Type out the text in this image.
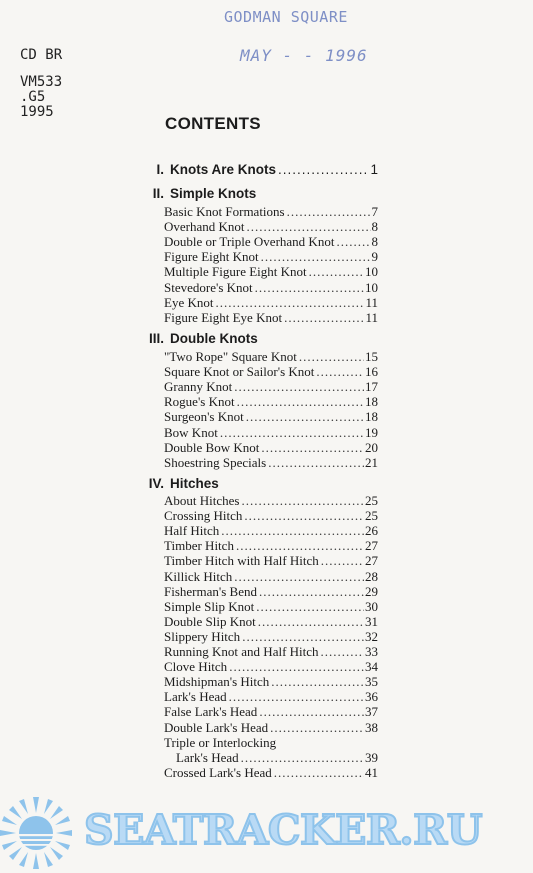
GODMAN SQUARE
MAY - - 1996
CD BR
VM533
.G5
1995
CONTENTS
I. Knots Are Knots .....	1
II. Simple Knots
Basic Knot Formations .....	7
Overhand Knot .....	8
Double or Triple Overhand Knot .....	8
Figure Eight Knot .....	9
Multiple Figure Eight Knot .....	10
Stevedore's Knot .....	10
Eye Knot .....	11
Figure Eight Eye Knot .....	11
III. Double Knots
"Two Rope" Square Knot .....	15
Square Knot or Sailor's Knot .....	16
Granny Knot .....	17
Rogue's Knot .....	18
Surgeon's Knot .....	18
Bow Knot .....	19
Double Bow Knot .....	20
Shoestring Specials .....	21
IV. Hitches
About Hitches .....	25
Crossing Hitch .....	25
Half Hitch .....	26
Timber Hitch .....	27
Timber Hitch with Half Hitch .....	27
Killick Hitch .....	28
Fisherman's Bend .....	29
Simple Slip Knot .....	30
Double Slip Knot .....	31
Slippery Hitch .....	32
Running Knot and Half Hitch .....	33
Clove Hitch .....	34
Midshipman's Hitch .....	35
Lark's Head .....	36
False Lark's Head .....	37
Double Lark's Head .....	38
Triple or Interlocking
Lark's Head .....	39
Crossed Lark's Head .....	41
SEATRACKER.RU
